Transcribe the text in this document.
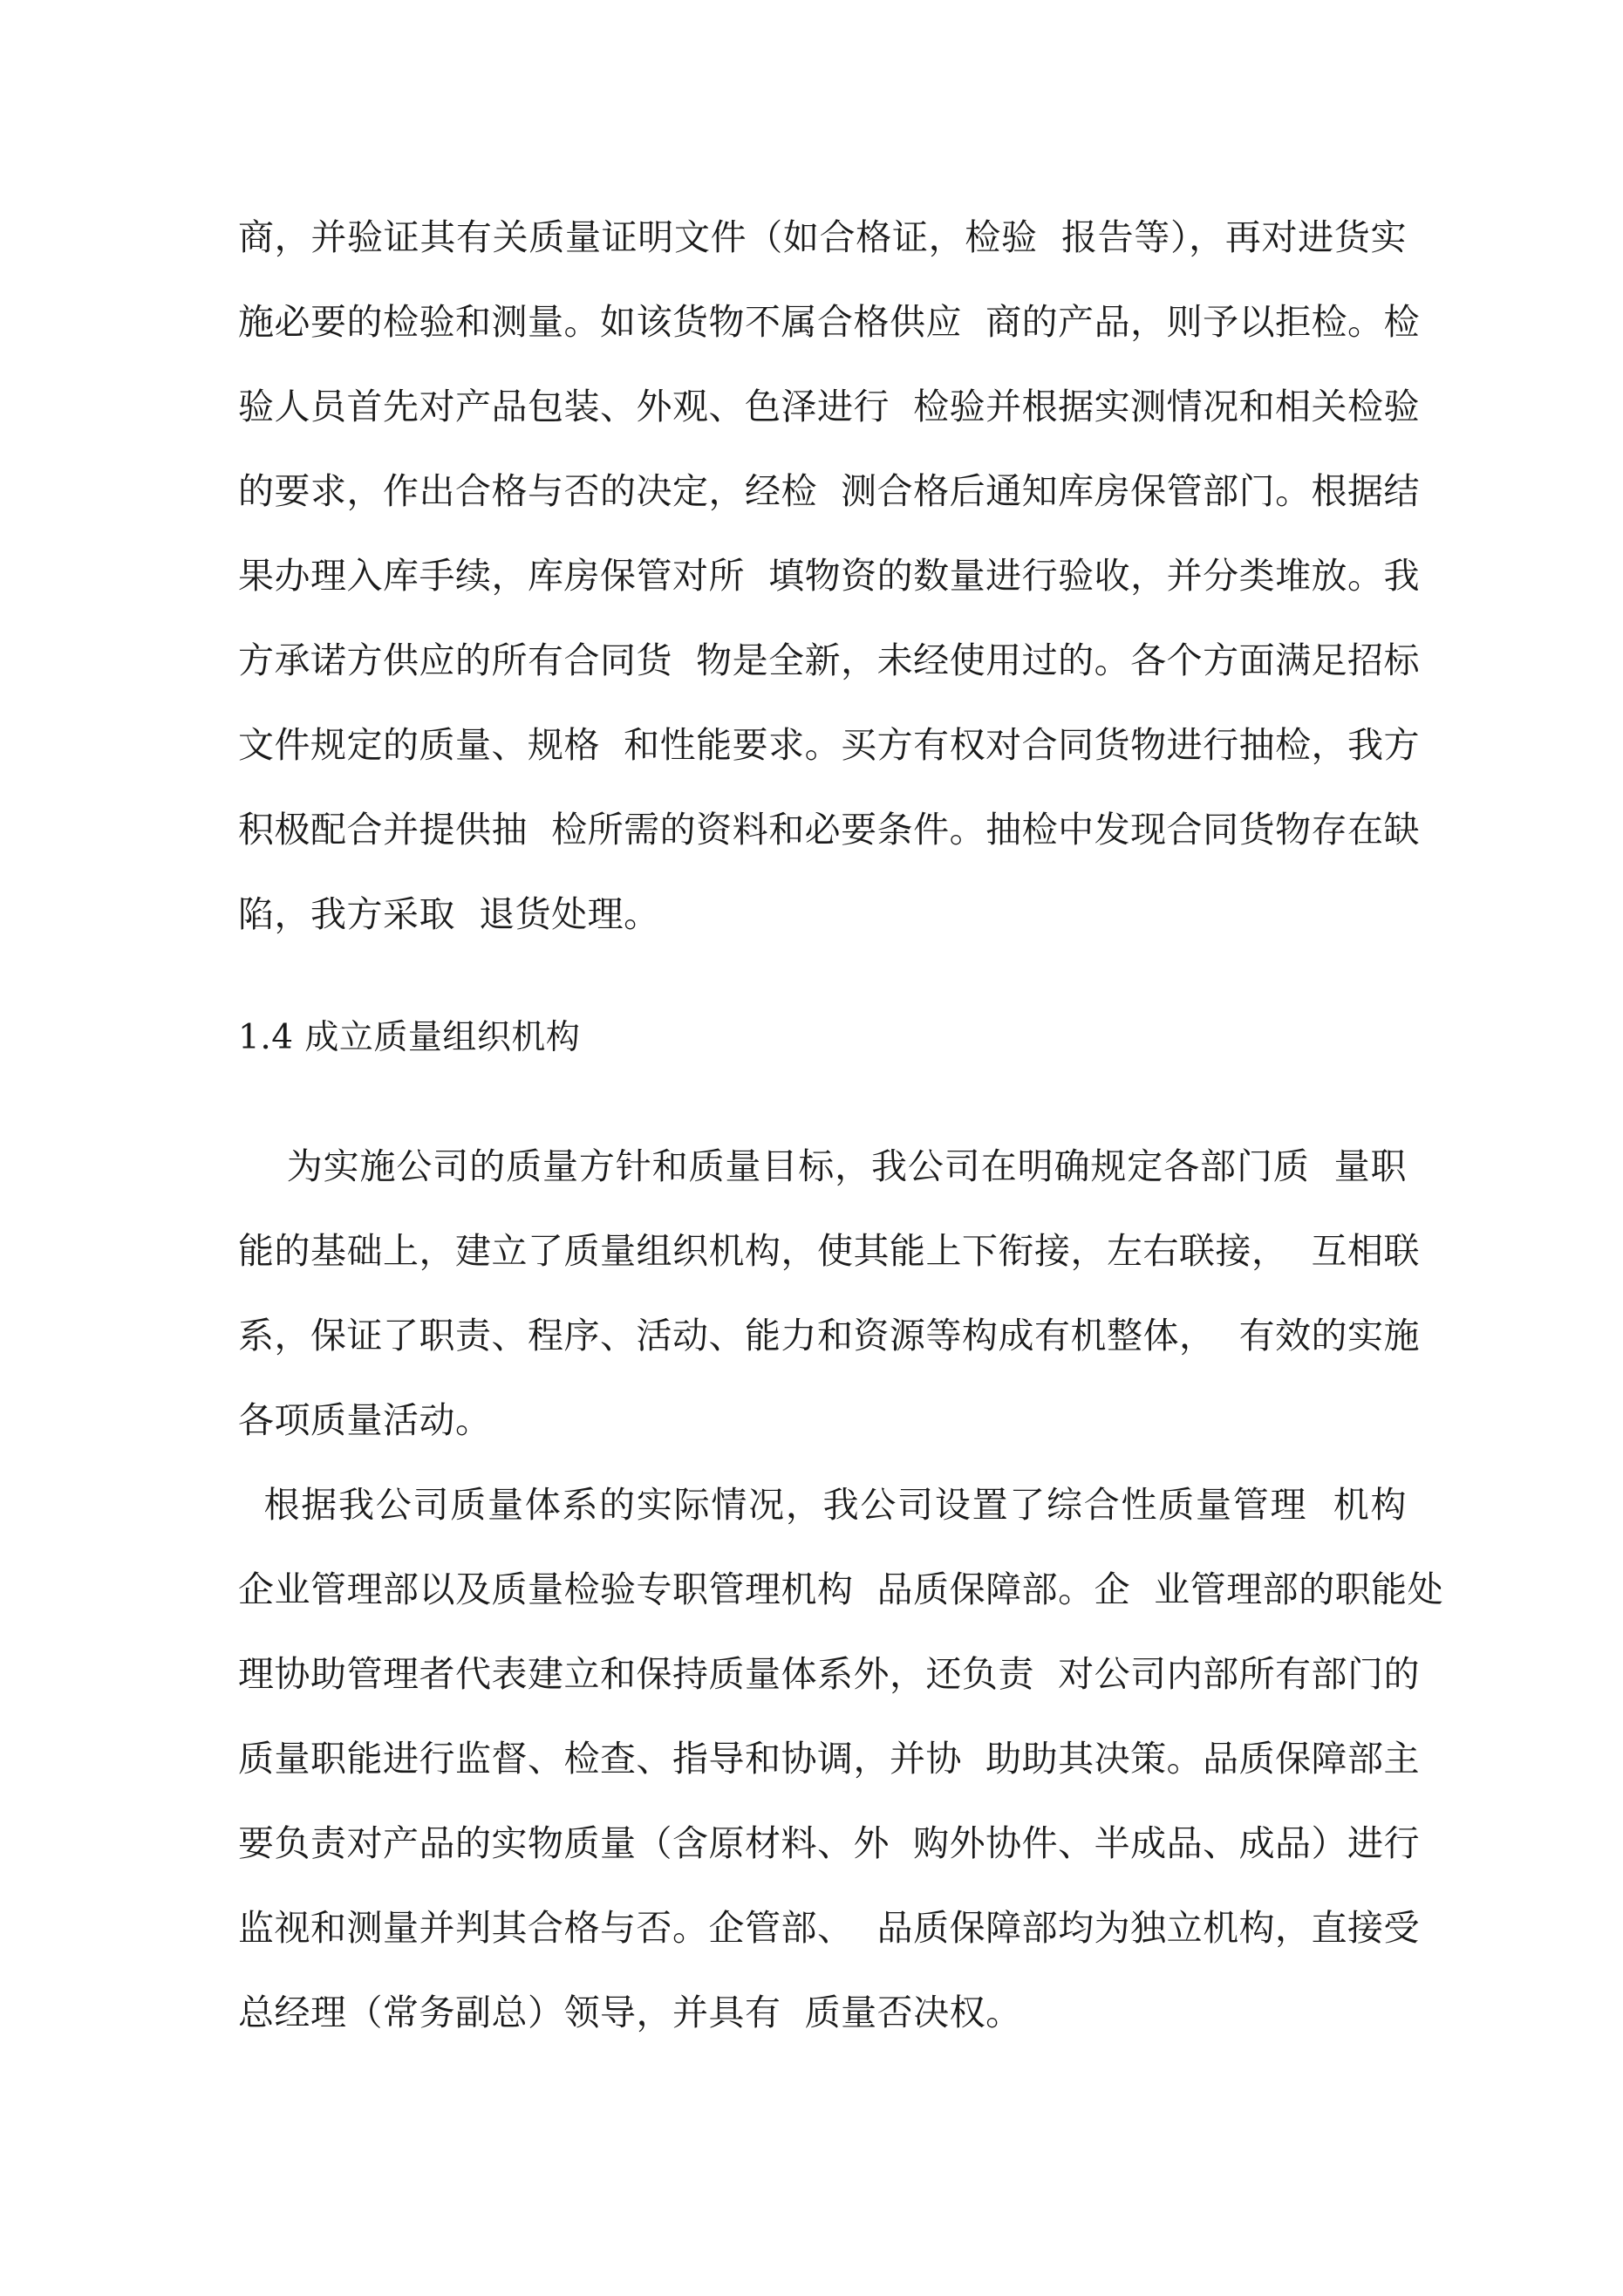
商，并验证其有关质量证明文件（如合格证，检验  报告等），再对进货实
施必要的检验和测量。如该货物不属合格供应  商的产品，则予以拒检。检
验人员首先对产品包装、外观、色泽进行  检验并根据实测情况和相关检验
的要求，作出合格与否的决定，经检  测合格后通知库房保管部门。根据结
果办理入库手续，库房保管对所  填物资的数量进行验收，并分类堆放。我
方承诺方供应的所有合同货  物是全新，未经使用过的。各个方面满足招标
文件规定的质量、规格  和性能要求。买方有权对合同货物进行抽检，我方
积极配合并提供抽  检所需的资料和必要条件。抽检中发现合同货物存在缺
陷，我方采取  退货处理。
1.4 成立质量组织机构
为实施公司的质量方针和质量目标，我公司在明确规定各部门质  量职
能的基础上，建立了质量组织机构，使其能上下衔接，左右联接，  互相联
系，保证了职责、程序、活动、能力和资源等构成有机整体，  有效的实施
各项质量活动。
根据我公司质量体系的实际情况，我公司设置了综合性质量管理  机构
企业管理部以及质量检验专职管理机构  品质保障部。企  业管理部的职能处
理协助管理者代表建立和保持质量体系外，还负责  对公司内部所有部门的
质量职能进行监督、检查、指导和协调，并协  助助其决策。品质保障部主
要负责对产品的实物质量（含原材料、外  购外协件、半成品、成品）进行
监视和测量并判其合格与否。企管部、  品质保障部均为独立机构，直接受
总经理（常务副总）领导，并具有  质量否决权。
